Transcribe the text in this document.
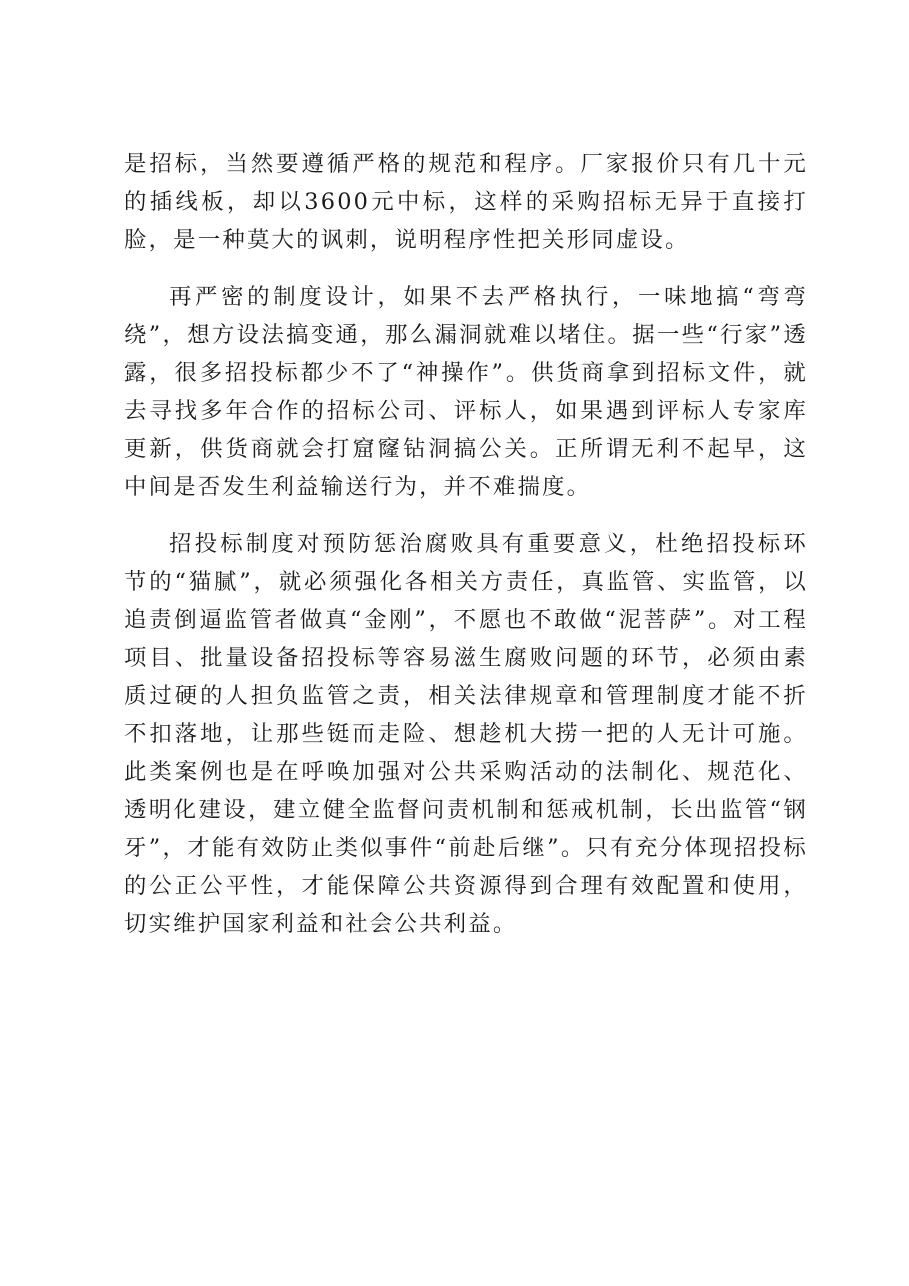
是招标，当然要遵循严格的规范和程序。厂家报价只有几十元的插线板，却以3600元中标，这样的采购招标无异于直接打脸，是一种莫大的讽刺，说明程序性把关形同虚设。

再严密的制度设计，如果不去严格执行，一味地搞“弯弯绕”，想方设法搞变通，那么漏洞就难以堵住。据一些“行家”透露，很多招投标都少不了“神操作”。供货商拿到招标文件，就去寻找多年合作的招标公司、评标人，如果遇到评标人专家库更新，供货商就会打窟窿钻洞搞公关。正所谓无利不起早，这中间是否发生利益输送行为，并不难揣度。

招投标制度对预防惩治腐败具有重要意义，杜绝招投标环节的“猫腻”，就必须强化各相关方责任，真监管、实监管，以追责倒逼监管者做真“金刚”，不愿也不敢做“泥菩萨”。对工程项目、批量设备招投标等容易滋生腐败问题的环节，必须由素质过硬的人担负监管之责，相关法律规章和管理制度才能不折不扣落地，让那些铤而走险、想趁机大捞一把的人无计可施。此类案例也是在呼唤加强对公共采购活动的法制化、规范化、透明化建设，建立健全监督问责机制和惩戒机制，长出监管“钢牙”，才能有效防止类似事件“前赴后继”。只有充分体现招投标的公正公平性，才能保障公共资源得到合理有效配置和使用，切实维护国家利益和社会公共利益。
